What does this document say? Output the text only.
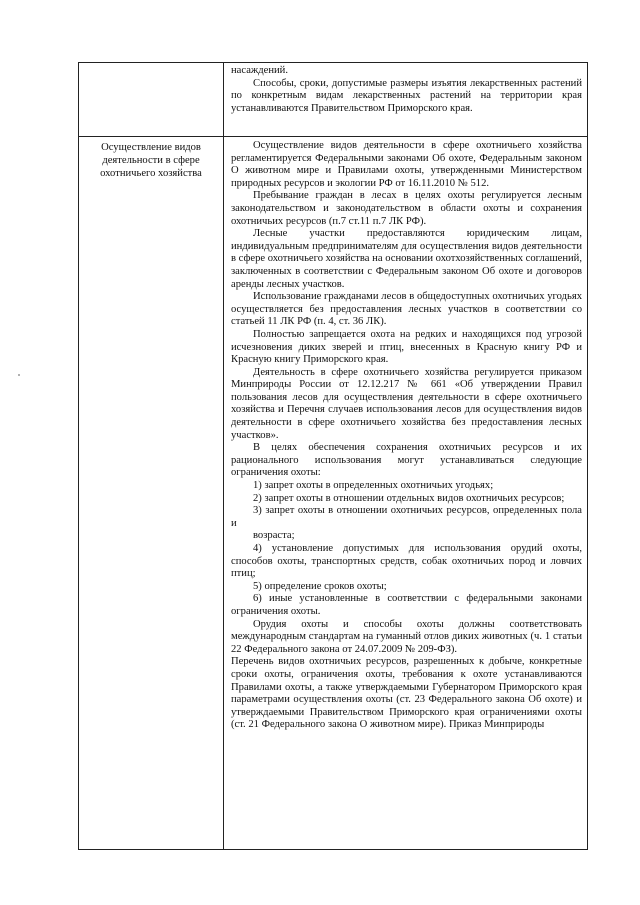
насаждений.

Способы, сроки, допустимые размеры изъятия лекарственных растений по конкретным видам лекарственных растений на территории края устанавливаются Правительством Приморского края.

Осуществление видов деятельности в сфере охотничьего хозяйства

Осуществление видов деятельности в сфере охотничьего хозяйства регламентируется Федеральными законами Об охоте, Федеральным законом О животном мире и Правилами охоты, утвержденными Министерством природных ресурсов и экологии РФ от 16.11.2010 № 512.

Пребывание граждан в лесах в целях охоты регулируется лесным законодательством и законодательством в области охоты и сохранения охотничьих ресурсов (п.7 ст.11 п.7 ЛК РФ).

Лесные участки предоставляются юридическим лицам, индивидуальным предпринимателям для осуществления видов деятельности в сфере охотничьего хозяйства на основании охотхозяйственных соглашений, заключенных в соответствии с Федеральным законом Об охоте и договоров аренды лесных участков.

Использование гражданами лесов в общедоступных охотничьих угодьях осуществляется без предоставления лесных участков в соответствии со статьей 11 ЛК РФ (п. 4, ст. 36 ЛК).

Полностью запрещается охота на редких и находящихся под угрозой исчезновения диких зверей и птиц, внесенных в Красную книгу РФ и Красную книгу Приморского края.

Деятельность в сфере охотничьего хозяйства регулируется приказом Минприроды России от 12.12.217 № 661 «Об утверждении Правил пользования лесов для осуществления деятельности в сфере охотничьего хозяйства и Перечня случаев использования лесов для осуществления видов деятельности в сфере охотничьего хозяйства без предоставления лесных участков».

В целях обеспечения сохранения охотничьих ресурсов и их рационального использования могут устанавливаться следующие ограничения охоты:

1) запрет охоты в определенных охотничьих угодьях;

2) запрет охоты в отношении отдельных видов охотничьих ресурсов;

3) запрет охоты в отношении охотничьих ресурсов, определенных пола и

возраста;

4) установление допустимых для использования орудий охоты, способов охоты, транспортных средств, собак охотничьих пород и ловчих птиц;

5) определение сроков охоты;

6) иные установленные в соответствии с федеральными законами ограничения охоты.

Орудия охоты и способы охоты должны соответствовать международным стандартам на гуманный отлов диких животных (ч. 1 статьи 22 Федерального закона от 24.07.2009 № 209-ФЗ).

Перечень видов охотничьих ресурсов, разрешенных к добыче, конкретные сроки охоты, ограничения охоты, требования к охоте устанавливаются Правилами охоты, а также утверждаемыми Губернатором Приморского края параметрами осуществления охоты (ст. 23 Федерального закона Об охоте) и утверждаемыми Правительством Приморского края ограничениями охоты (ст. 21 Федерального закона О животном мире). Приказ Минприроды
